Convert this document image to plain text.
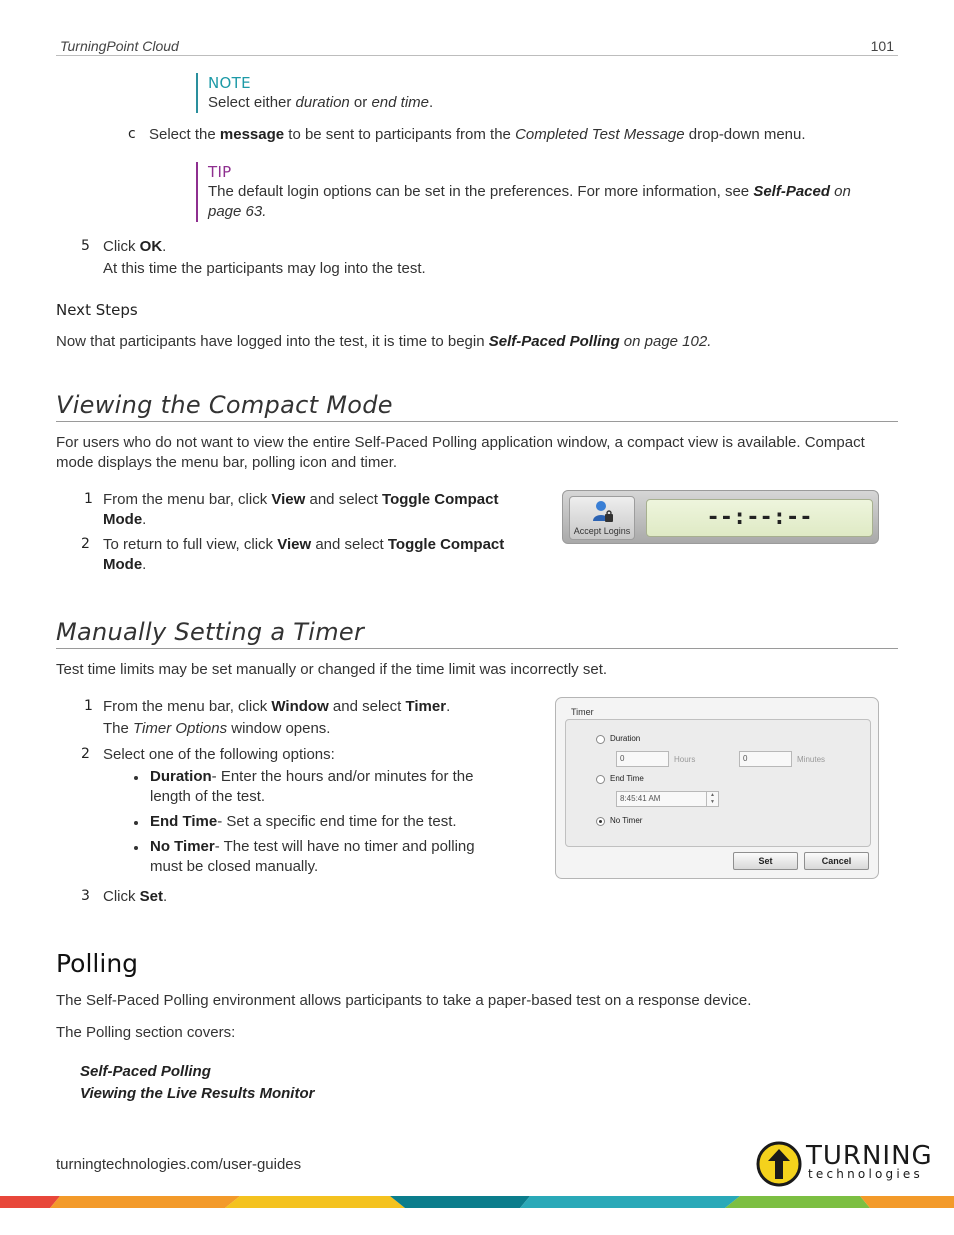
TurningPoint Cloud	101
NOTE
Select either duration or end time.
c Select the message to be sent to participants from the Completed Test Message drop-down menu.
TIP
The default login options can be set in the preferences. For more information, see Self-Paced on
page 63.
5 Click OK.
At this time the participants may log into the test.
Next Steps
Now that participants have logged into the test, it is time to begin Self-Paced Polling on page 102.
Viewing the Compact Mode
For users who do not want to view the entire Self-Paced Polling application window, a compact view is available. Compact
mode displays the menu bar, polling icon and timer.
1 From the menu bar, click View and select Toggle Compact
Mode.
2 To return to full view, click View and select Toggle Compact
Mode.
Accept Logins
--:--:--
Manually Setting a Timer
Test time limits may be set manually or changed if the time limit was incorrectly set.
1 From the menu bar, click Window and select Timer.
The Timer Options window opens.
2 Select one of the following options:
Duration- Enter the hours and/or minutes for the
length of the test.
End Time- Set a specific end time for the test.
No Timer- The test will have no timer and polling
must be closed manually.
3 Click Set.
Timer
Duration
0	Hours	0	Minutes
End Time
8:45:41 AM	▲
▼
No Timer
Set	Cancel
Polling
The Self-Paced Polling environment allows participants to take a paper-based test on a response device.
The Polling section covers:
Self-Paced Polling
Viewing the Live Results Monitor
turningtechnologies.com/user-guides	TURNING
technologies
